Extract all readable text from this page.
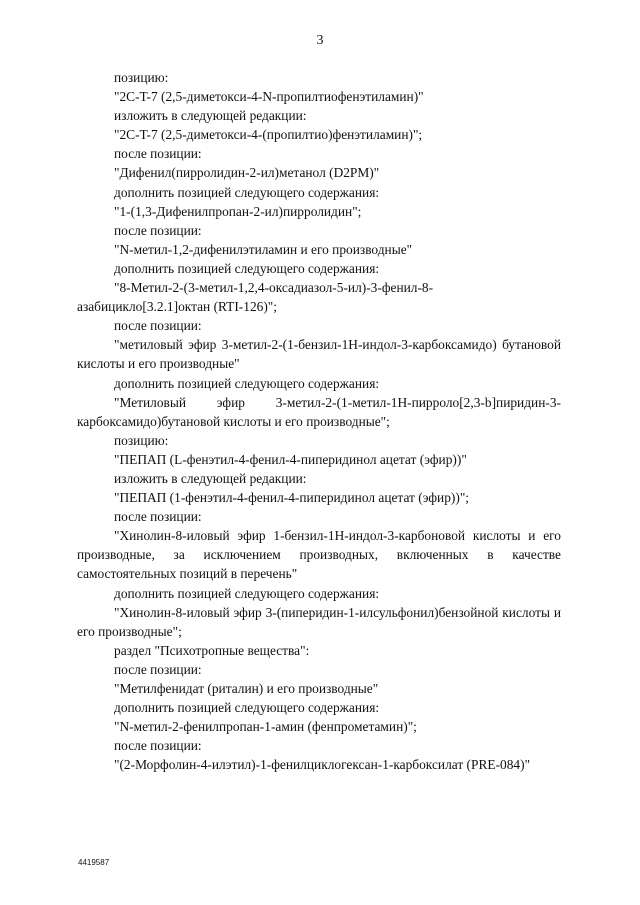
3
позицию:
"2C-T-7 (2,5-диметокси-4-N-пропилтиофенэтиламин)"
изложить в следующей редакции:
"2C-T-7 (2,5-диметокси-4-(пропилтио)фенэтиламин)";
после позиции:
"Дифенил(пирролидин-2-ил)метанол (D2PM)"
дополнить позицией следующего содержания:
"1-(1,3-Дифенилпропан-2-ил)пирролидин";
после позиции:
"N-метил-1,2-дифенилэтиламин и его производные"
дополнить позицией следующего содержания:
"8-Метил-2-(3-метил-1,2,4-оксадиазол-5-ил)-3-фенил-8-азабицикло[3.2.1]октан (RTI-126)";
после позиции:
"метиловый эфир 3-метил-2-(1-бензил-1H-индол-3-карбоксамидо) бутановой кислоты и его производные"
дополнить позицией следующего содержания:
"Метиловый эфир 3-метил-2-(1-метил-1H-пирроло[2,3-b]пиридин-3-карбоксамидо)бутановой кислоты и его производные";
позицию:
"ПЕПАП (L-фенэтил-4-фенил-4-пиперидинол ацетат (эфир))"
изложить в следующей редакции:
"ПЕПАП (1-фенэтил-4-фенил-4-пиперидинол ацетат (эфир))";
после позиции:
"Хинолин-8-иловый эфир 1-бензил-1H-индол-3-карбоновой кислоты и его производные, за исключением производных, включенных в качестве самостоятельных позиций в перечень"
дополнить позицией следующего содержания:
"Хинолин-8-иловый эфир 3-(пиперидин-1-илсульфонил)бензойной кислоты и его производные";
раздел "Психотропные вещества":
после позиции:
"Метилфенидат (риталин) и его производные"
дополнить позицией следующего содержания:
"N-метил-2-фенилпропан-1-амин (фенпрометамин)";
после позиции:
"(2-Морфолин-4-илэтил)-1-фенилциклогексан-1-карбоксилат (PRE-084)"
4419587
